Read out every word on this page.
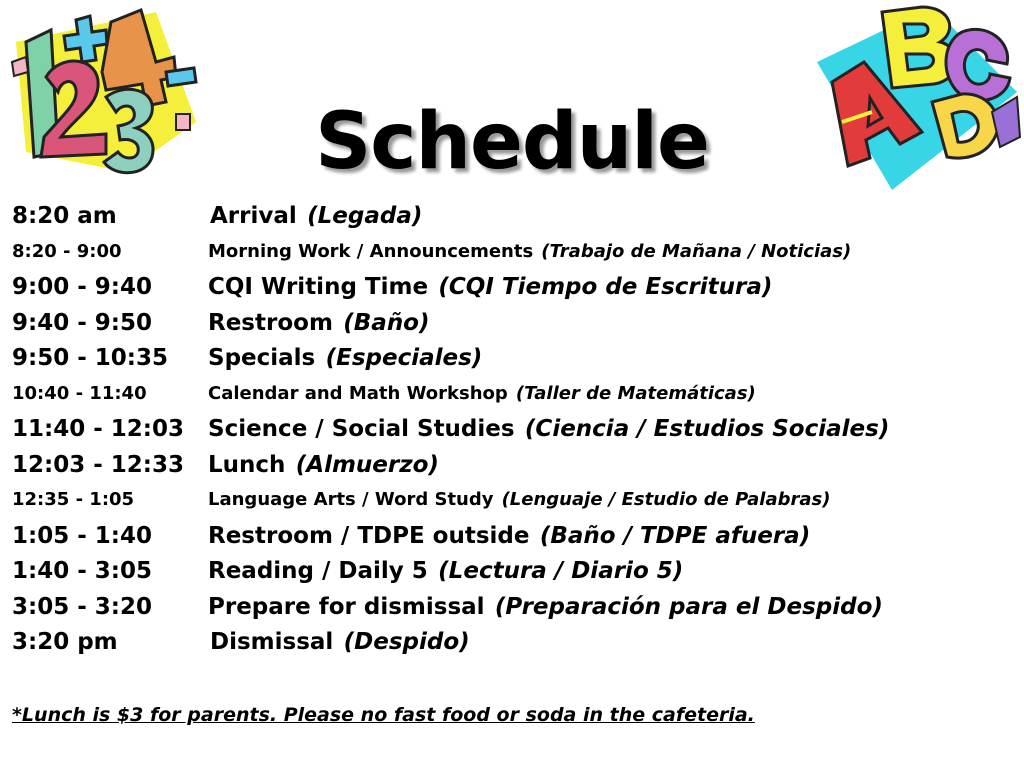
Schedule
8:20 am	Arrival (Legada)
8:20 - 9:00	Morning Work / Announcements (Trabajo de Mañana / Noticias)
9:00 - 9:40 CQI Writing Time (CQI Tiempo de Escritura)
9:40 - 9:50 Restroom (Baño)
9:50 - 10:35 Specials (Especiales)
10:40 - 11:40	Calendar and Math Workshop (Taller de Matemáticas)
11:40 - 12:03 Science / Social Studies (Ciencia / Estudios Sociales)
12:03 - 12:33 Lunch (Almuerzo)
12:35 - 1:05	Language Arts / Word Study (Lenguaje / Estudio de Palabras)
1:05 - 1:40 Restroom / TDPE outside (Baño / TDPE afuera)
1:40 - 3:05 Reading / Daily 5 (Lectura / Diario 5)
3:05 - 3:20 Prepare for dismissal (Preparación para el Despido)
3:20 pm	Dismissal (Despido)
*Lunch is $3 for parents. Please no fast food or soda in the cafeteria.
